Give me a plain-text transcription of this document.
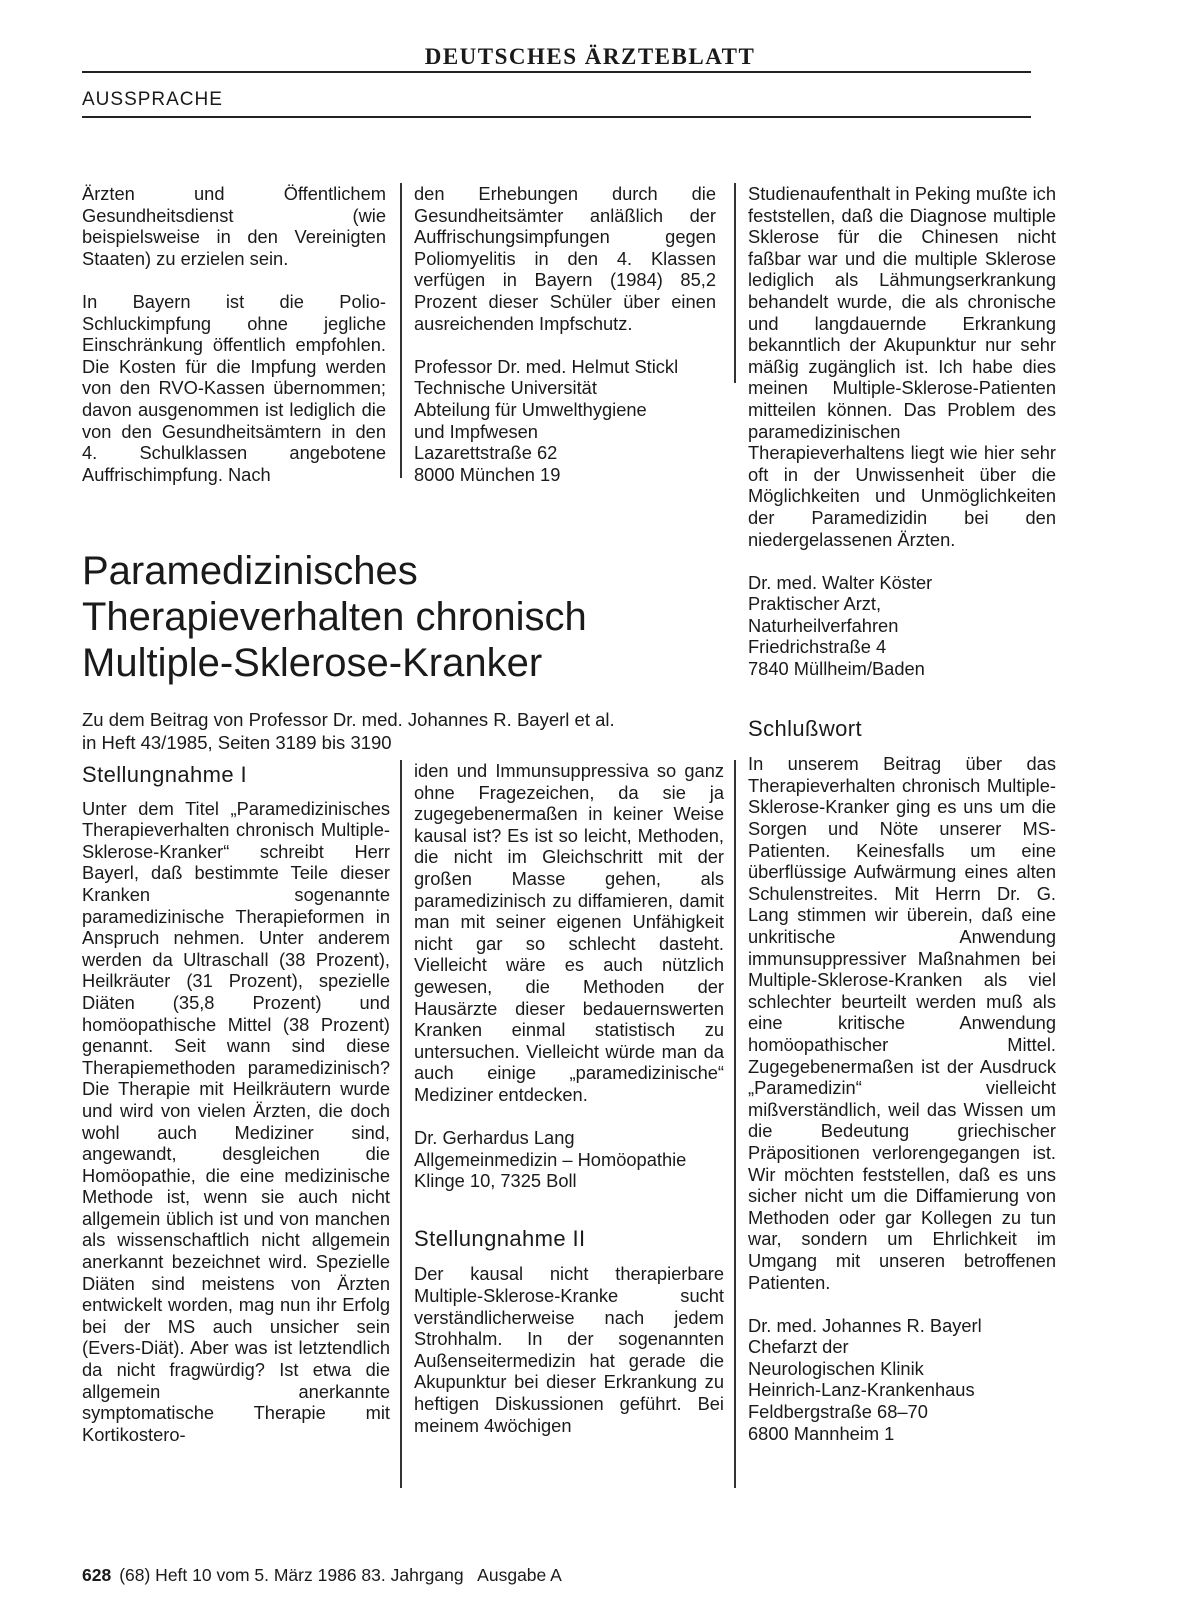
DEUTSCHES ÄRZTEBLATT
AUSSPRACHE

Ärzten und Öffentlichem Gesundheitsdienst (wie beispielsweise in den Vereinigten Staaten) zu erzielen sein.

In Bayern ist die Polio-Schluckimpfung ohne jegliche Einschränkung öffentlich empfohlen. Die Kosten für die Impfung werden von den RVO-Kassen übernommen; davon ausgenommen ist lediglich die von den Gesundheitsämtern in den 4. Schulklassen angebotene Auffrischimpfung. Nach

den Erhebungen durch die Gesundheitsämter anläßlich der Auffrischungsimpfungen gegen Poliomyelitis in den 4. Klassen verfügen in Bayern (1984) 85,2 Prozent dieser Schüler über einen ausreichenden Impfschutz.

Professor Dr. med. Helmut Stickl
Technische Universität
Abteilung für Umwelthygiene
und Impfwesen
Lazarettstraße 62
8000 München 19

Paramedizinisches
Therapieverhalten chronisch
Multiple-Sklerose-Kranker
Zu dem Beitrag von Professor Dr. med. Johannes R. Bayerl et al.
in Heft 43/1985, Seiten 3189 bis 3190

Studienaufenthalt in Peking mußte ich feststellen, daß die Diagnose multiple Sklerose für die Chinesen nicht faßbar war und die multiple Sklerose lediglich als Lähmungserkrankung behandelt wurde, die als chronische und langdauernde Erkrankung bekanntlich der Akupunktur nur sehr mäßig zugänglich ist. Ich habe dies meinen Multiple-Sklerose-Patienten mitteilen können. Das Problem des paramedizinischen Therapieverhaltens liegt wie hier sehr oft in der Unwissenheit über die Möglichkeiten und Unmöglichkeiten der Paramedizidin bei den niedergelassenen Ärzten.

Dr. med. Walter Köster
Praktischer Arzt,
Naturheilverfahren
Friedrichstraße 4
7840 Müllheim/Baden

Schlußwort

In unserem Beitrag über das Therapieverhalten chronisch Multiple-Sklerose-Kranker ging es uns um die Sorgen und Nöte unserer MS-Patienten. Keinesfalls um eine überflüssige Aufwärmung eines alten Schulenstreites. Mit Herrn Dr. G. Lang stimmen wir überein, daß eine unkritische Anwendung immunsuppressiver Maßnahmen bei Multiple-Sklerose-Kranken als viel schlechter beurteilt werden muß als eine kritische Anwendung homöopathischer Mittel. Zugegebenermaßen ist der Ausdruck „Paramedizin“ vielleicht mißverständlich, weil das Wissen um die Bedeutung griechischer Präpositionen verlorengegangen ist. Wir möchten feststellen, daß es uns sicher nicht um die Diffamierung von Methoden oder gar Kollegen zu tun war, sondern um Ehrlichkeit im Umgang mit unseren betroffenen Patienten.

Dr. med. Johannes R. Bayerl
Chefarzt der
Neurologischen Klinik
Heinrich-Lanz-Krankenhaus
Feldbergstraße 68–70
6800 Mannheim 1

Stellungnahme I

Unter dem Titel „Paramedizinisches Therapieverhalten chronisch Multiple-Sklerose-Kranker“ schreibt Herr Bayerl, daß bestimmte Teile dieser Kranken sogenannte paramedizinische Therapieformen in Anspruch nehmen. Unter anderem werden da Ultraschall (38 Prozent), Heilkräuter (31 Prozent), spezielle Diäten (35,8 Prozent) und homöopathische Mittel (38 Prozent) genannt. Seit wann sind diese Therapiemethoden paramedizinisch? Die Therapie mit Heilkräutern wurde und wird von vielen Ärzten, die doch wohl auch Mediziner sind, angewandt, desgleichen die Homöopathie, die eine medizinische Methode ist, wenn sie auch nicht allgemein üblich ist und von manchen als wissenschaftlich nicht allgemein anerkannt bezeichnet wird. Spezielle Diäten sind meistens von Ärzten entwickelt worden, mag nun ihr Erfolg bei der MS auch unsicher sein (Evers-Diät). Aber was ist letztendlich da nicht fragwürdig? Ist etwa die allgemein anerkannte symptomatische Therapie mit Kortikostero-

iden und Immunsuppressiva so ganz ohne Fragezeichen, da sie ja zugegebenermaßen in keiner Weise kausal ist? Es ist so leicht, Methoden, die nicht im Gleichschritt mit der großen Masse gehen, als paramedizinisch zu diffamieren, damit man mit seiner eigenen Unfähigkeit nicht gar so schlecht dasteht. Vielleicht wäre es auch nützlich gewesen, die Methoden der Hausärzte dieser bedauernswerten Kranken einmal statistisch zu untersuchen. Vielleicht würde man da auch einige „paramedizinische“ Mediziner entdecken.

Dr. Gerhardus Lang
Allgemeinmedizin – Homöopathie
Klinge 10, 7325 Boll

Stellungnahme II

Der kausal nicht therapierbare Multiple-Sklerose-Kranke sucht verständlicherweise nach jedem Strohhalm. In der sogenannten Außenseitermedizin hat gerade die Akupunktur bei dieser Erkrankung zu heftigen Diskussionen geführt. Bei meinem 4wöchigen

628 (68) Heft 10 vom 5. März 1986 83. Jahrgang   Ausgabe A
